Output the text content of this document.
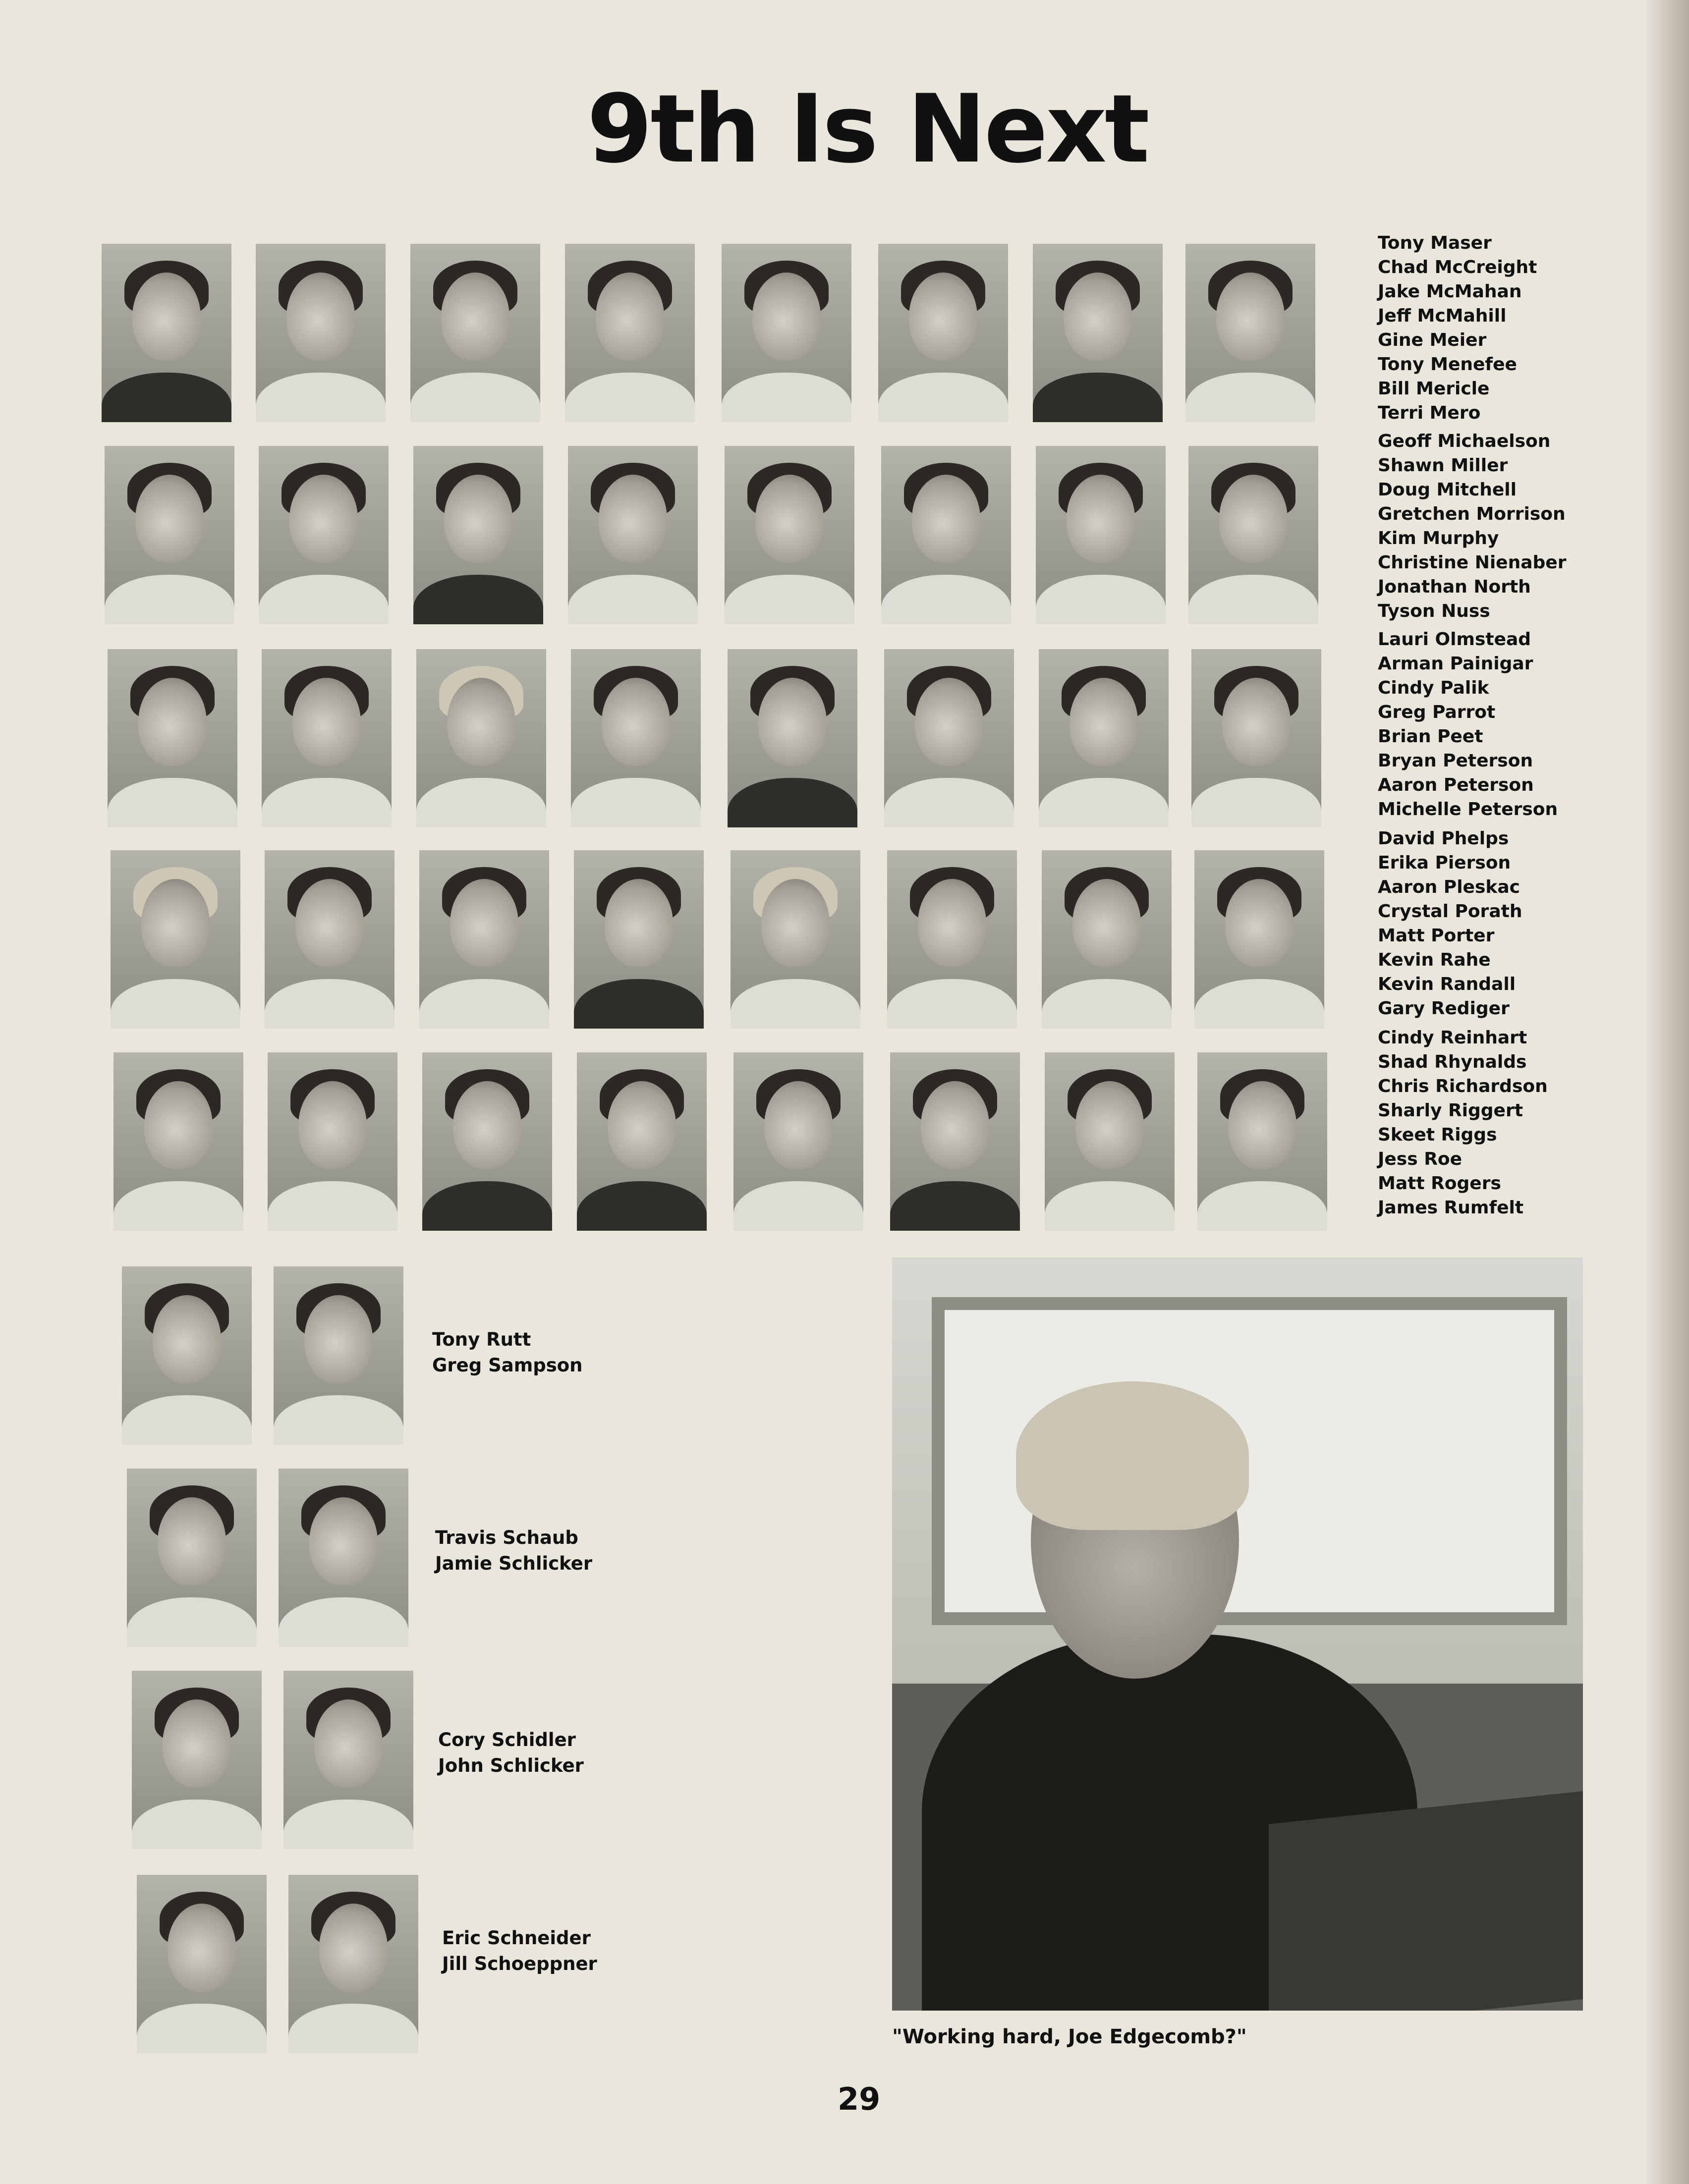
9th Is Next
Tony Maser
Chad McCreight
Jake McMahan
Jeff McMahill
Gine Meier
Tony Menefee
Bill Mericle
Terri Mero
Geoff Michaelson
Shawn Miller
Doug Mitchell
Gretchen Morrison
Kim Murphy
Christine Nienaber
Jonathan North
Tyson Nuss
Lauri Olmstead
Arman Painigar
Cindy Palik
Greg Parrot
Brian Peet
Bryan Peterson
Aaron Peterson
Michelle Peterson
David Phelps
Erika Pierson
Aaron Pleskac
Crystal Porath
Matt Porter
Kevin Rahe
Kevin Randall
Gary Rediger
Cindy Reinhart
Shad Rhynalds
Chris Richardson
Sharly Riggert
Skeet Riggs
Jess Roe
Matt Rogers
James Rumfelt
Tony Rutt
Greg Sampson
Travis Schaub
Jamie Schlicker
Cory Schidler
John Schlicker
Eric Schneider
Jill Schoeppner
"Working hard, Joe Edgecomb?"
29
